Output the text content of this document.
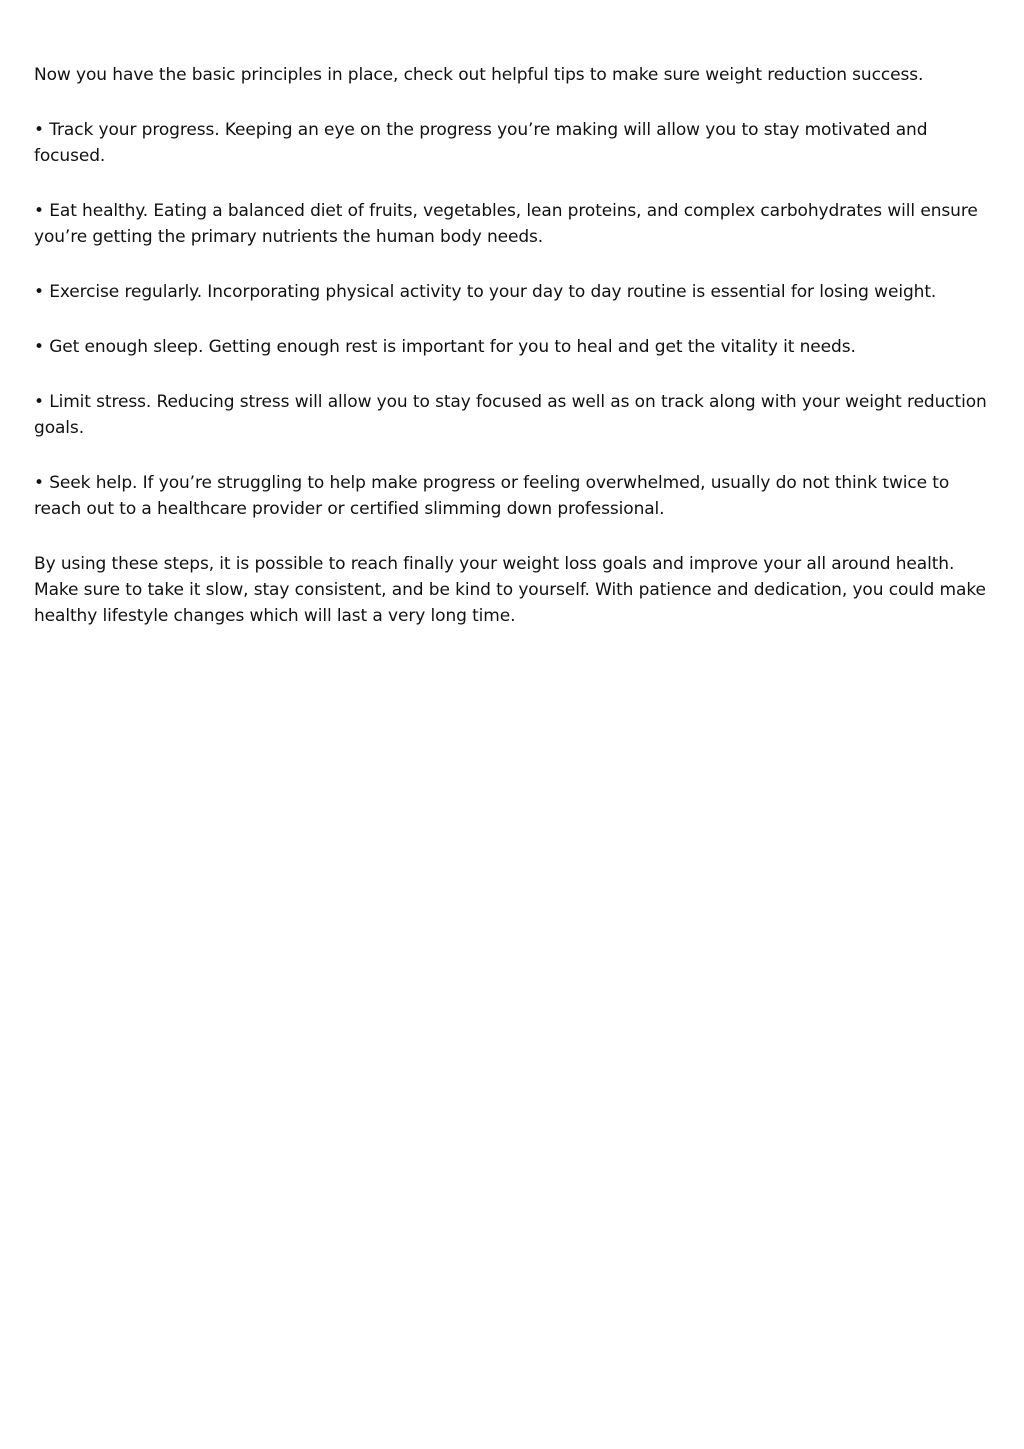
Now you have the basic principles in place, check out helpful tips to make sure weight reduction success.

• Track your progress. Keeping an eye on the progress you’re making will allow you to stay motivated and focused.

• Eat healthy. Eating a balanced diet of fruits, vegetables, lean proteins, and complex carbohydrates will ensure you’re getting the primary nutrients the human body needs.

• Exercise regularly. Incorporating physical activity to your day to day routine is essential for losing weight.

• Get enough sleep. Getting enough rest is important for you to heal and get the vitality it needs.

• Limit stress. Reducing stress will allow you to stay focused as well as on track along with your weight reduction goals.

• Seek help. If you’re struggling to help make progress or feeling overwhelmed, usually do not think twice to reach out to a healthcare provider or certified slimming down professional.

By using these steps, it is possible to reach finally your weight loss goals and improve your all around health. Make sure to take it slow, stay consistent, and be kind to yourself. With patience and dedication, you could make healthy lifestyle changes which will last a very long time.
